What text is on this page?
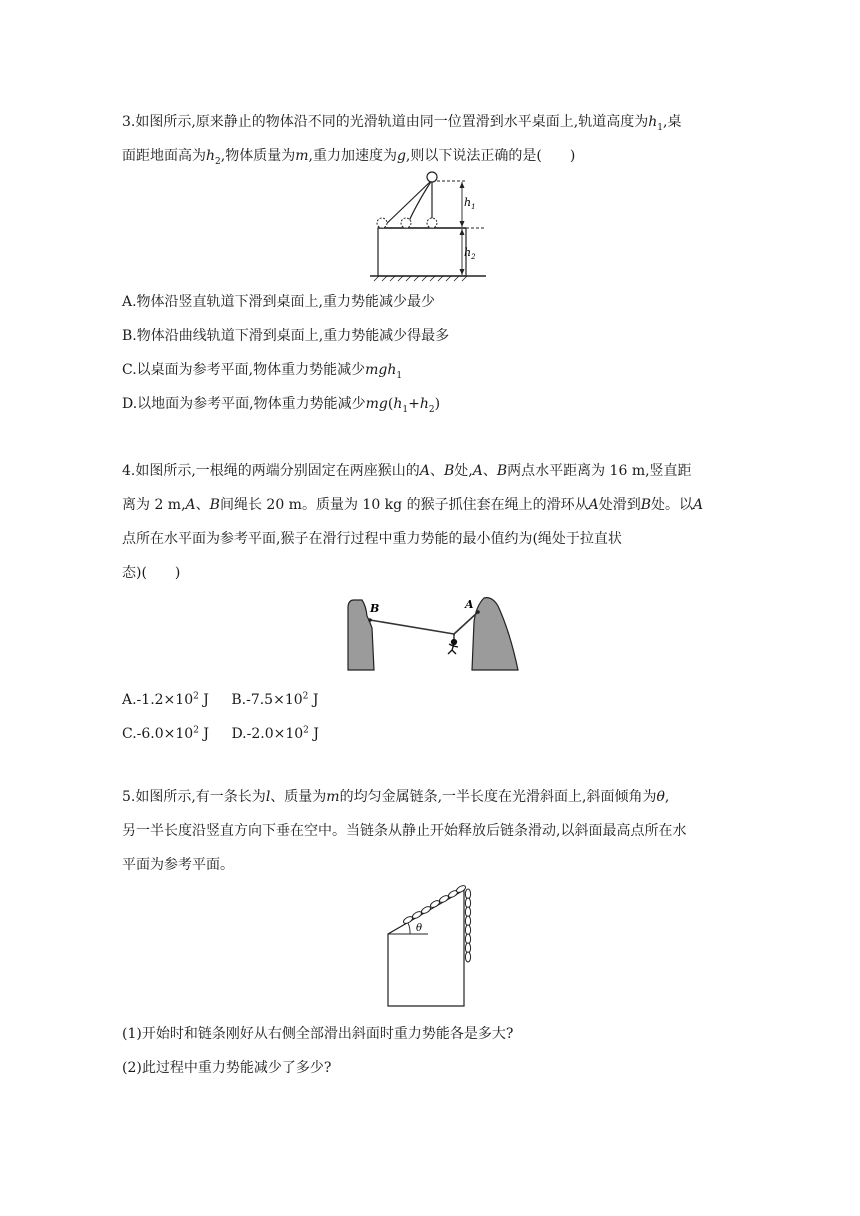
3.如图所示,原来静止的物体沿不同的光滑轨道由同一位置滑到水平桌面上,轨道高度为$h_1$,桌
面距地面高为$h_2$,物体质量为m,重力加速度为g,则以下说法正确的是(　　)
$h_1$
$h_2$
A.物体沿竖直轨道下滑到桌面上,重力势能减少最少
B.物体沿曲线轨道下滑到桌面上,重力势能减少得最多
C.以桌面为参考平面,物体重力势能减少mgh$_1$
D.以地面为参考平面,物体重力势能减少$mg(h_1+h_2)$
4.如图所示,一根绳的两端分别固定在两座猴山的A、B处,A、B两点水平距离为 16 m,竖直距
离为 2 m,A、B间绳长 20 m。质量为 10 kg 的猴子抓住套在绳上的滑环从A处滑到B处。以A
点所在水平面为参考平面,猴子在滑行过程中重力势能的最小值约为(绳处于拉直状
态)(　　)
B	A
$A.-1.2\times 10^2$ J $B.-7.5\times 10^2$ J
$C.-6.0\times 10^2$ J $D.-2.0\times 10^2$ J
5.如图所示,有一条长为l、质量为m的均匀金属链条,一半长度在光滑斜面上,斜面倾角为θ,
另一半长度沿竖直方向下垂在空中。当链条从静止开始释放后链条滑动,以斜面最高点所在水
平面为参考平面。
θ
(1)开始时和链条刚好从右侧全部滑出斜面时重力势能各是多大?
(2)此过程中重力势能减少了多少?
